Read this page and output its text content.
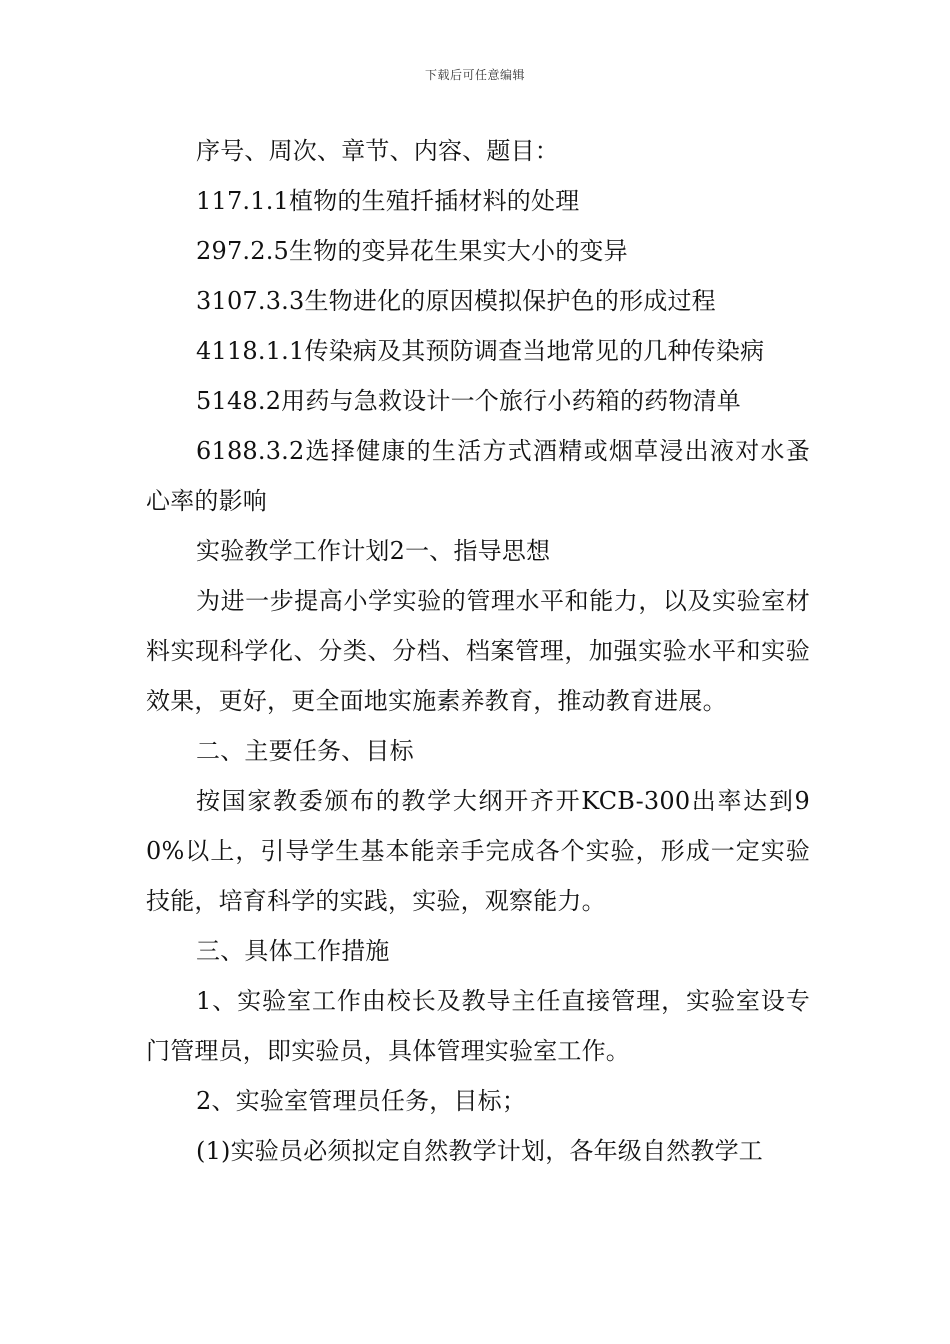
下载后可任意编辑

序号、周次、章节、内容、题目：

117.1.1植物的生殖扦插材料的处理

297.2.5生物的变异花生果实大小的变异

3107.3.3生物进化的原因模拟保护色的形成过程

4118.1.1传染病及其预防调查当地常见的几种传染病

5148.2用药与急救设计一个旅行小药箱的药物清单

6188.3.2选择健康的生活方式酒精或烟草浸出液对水蚤心率的影响

实验教学工作计划2一、指导思想

为进一步提高小学实验的管理水平和能力，以及实验室材料实现科学化、分类、分档、档案管理，加强实验水平和实验效果，更好，更全面地实施素养教育，推动教育进展。

二、主要任务、目标

按国家教委颁布的教学大纲开齐开KCB-300出率达到90%以上，引导学生基本能亲手完成各个实验，形成一定实验技能，培育科学的实践，实验，观察能力。

三、具体工作措施

1、实验室工作由校长及教导主任直接管理，实验室设专门管理员，即实验员，具体管理实验室工作。

2、实验室管理员任务，目标；

(1)实验员必须拟定自然教学计划，各年级自然教学工
